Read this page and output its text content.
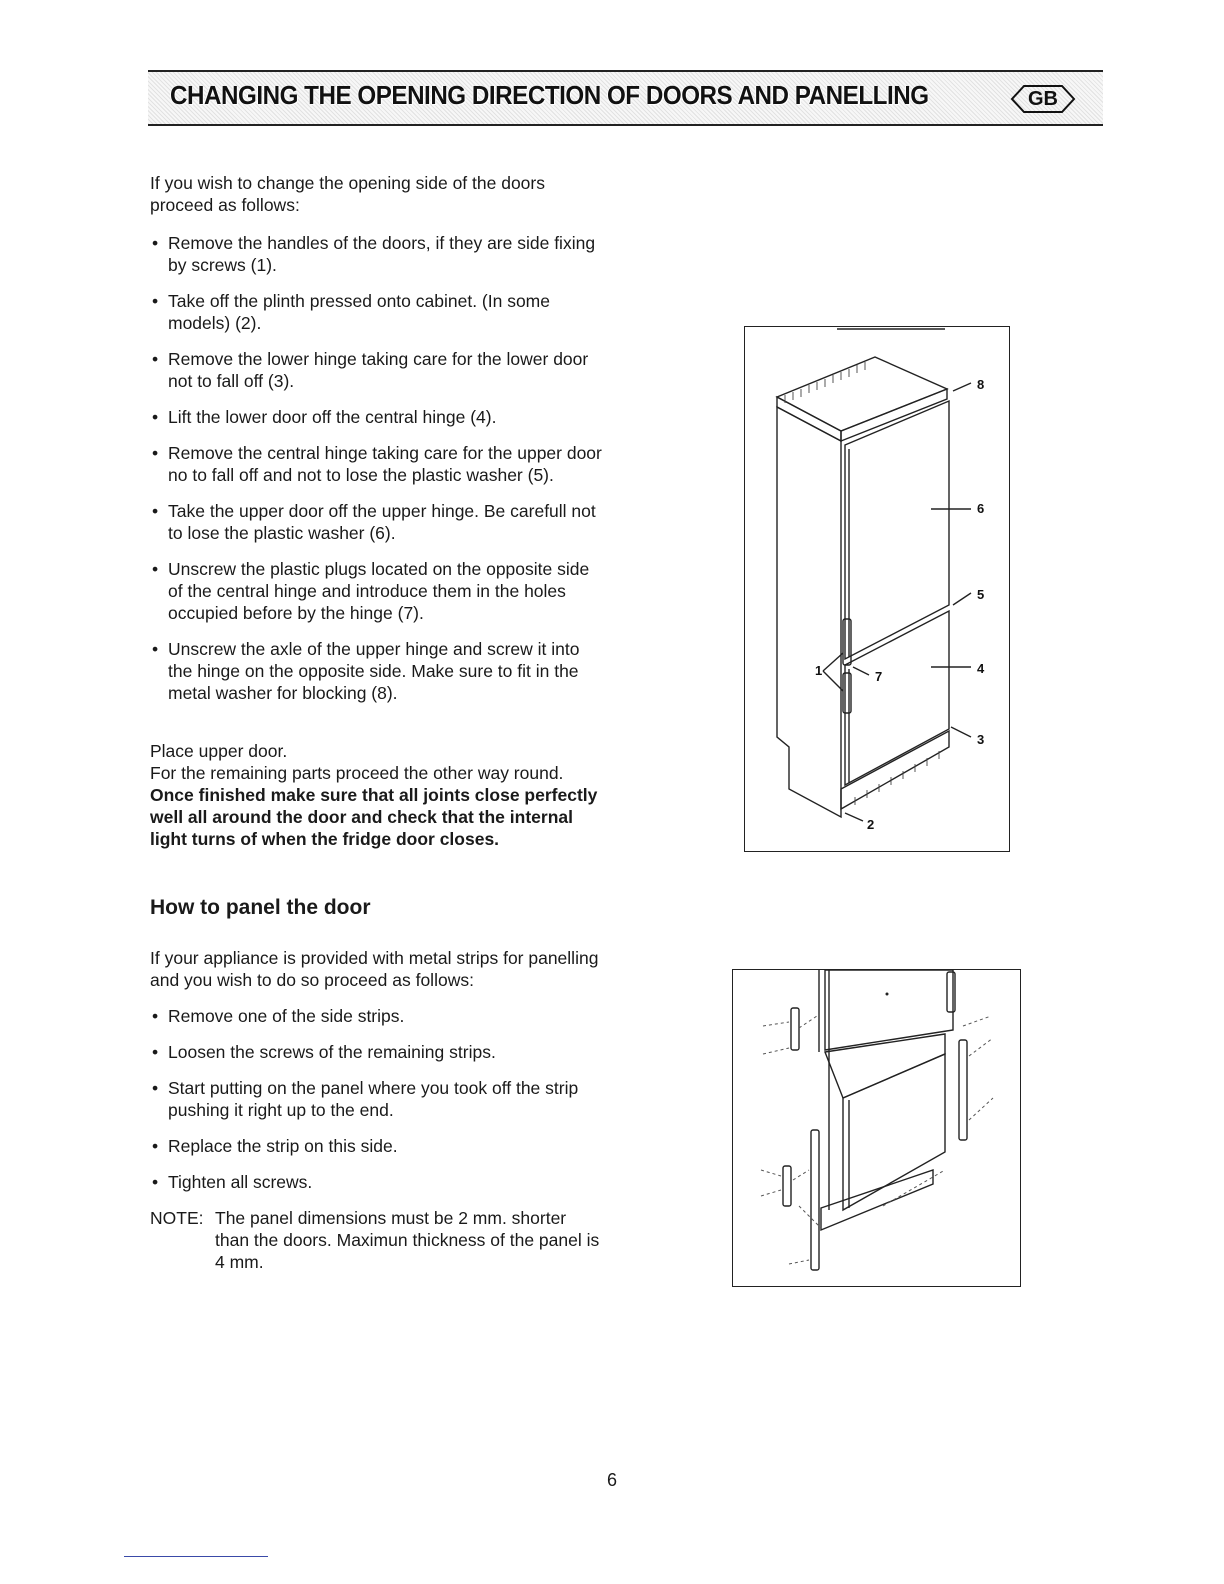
CHANGING THE OPENING DIRECTION OF DOORS AND PANELLING	GB

If you wish to change the opening side of the doors proceed as follows:

• Remove the handles of the doors, if they are side fixing by screws (1).
• Take off the plinth pressed onto cabinet. (In some models) (2).
• Remove the lower hinge taking care for the lower door not to fall off (3).
• Lift the lower door off the central hinge (4).
• Remove the central hinge taking care for the upper door no to fall off and not to lose the plastic washer (5).
• Take the upper door off the upper hinge. Be carefull not to lose the plastic washer (6).
• Unscrew the plastic plugs located on the opposite side of the central hinge and introduce them in the holes occupied before by the hinge (7).
• Unscrew the axle of the upper hinge and screw it into the hinge on the opposite side. Make sure to fit in the metal washer for blocking (8).

Place upper door.

For the remaining parts proceed the other way round.

Once finished make sure that all joints close perfectly well all around the door and check that the internal light turns of when the fridge door closes.

8
6
5
4
3
2
1	7
How to panel the door

If your appliance is provided with metal strips for panelling and you wish to do so proceed as follows:

• Remove one of the side strips.
• Loosen the screws of the remaining strips.
• Start putting on the panel where you took off the strip pushing it right up to the end.
• Replace the strip on this side.
• Tighten all screws.
NOTE: The panel dimensions must be 2 mm. shorter than the doors. Maximun thickness of the panel is 4 mm.
6
